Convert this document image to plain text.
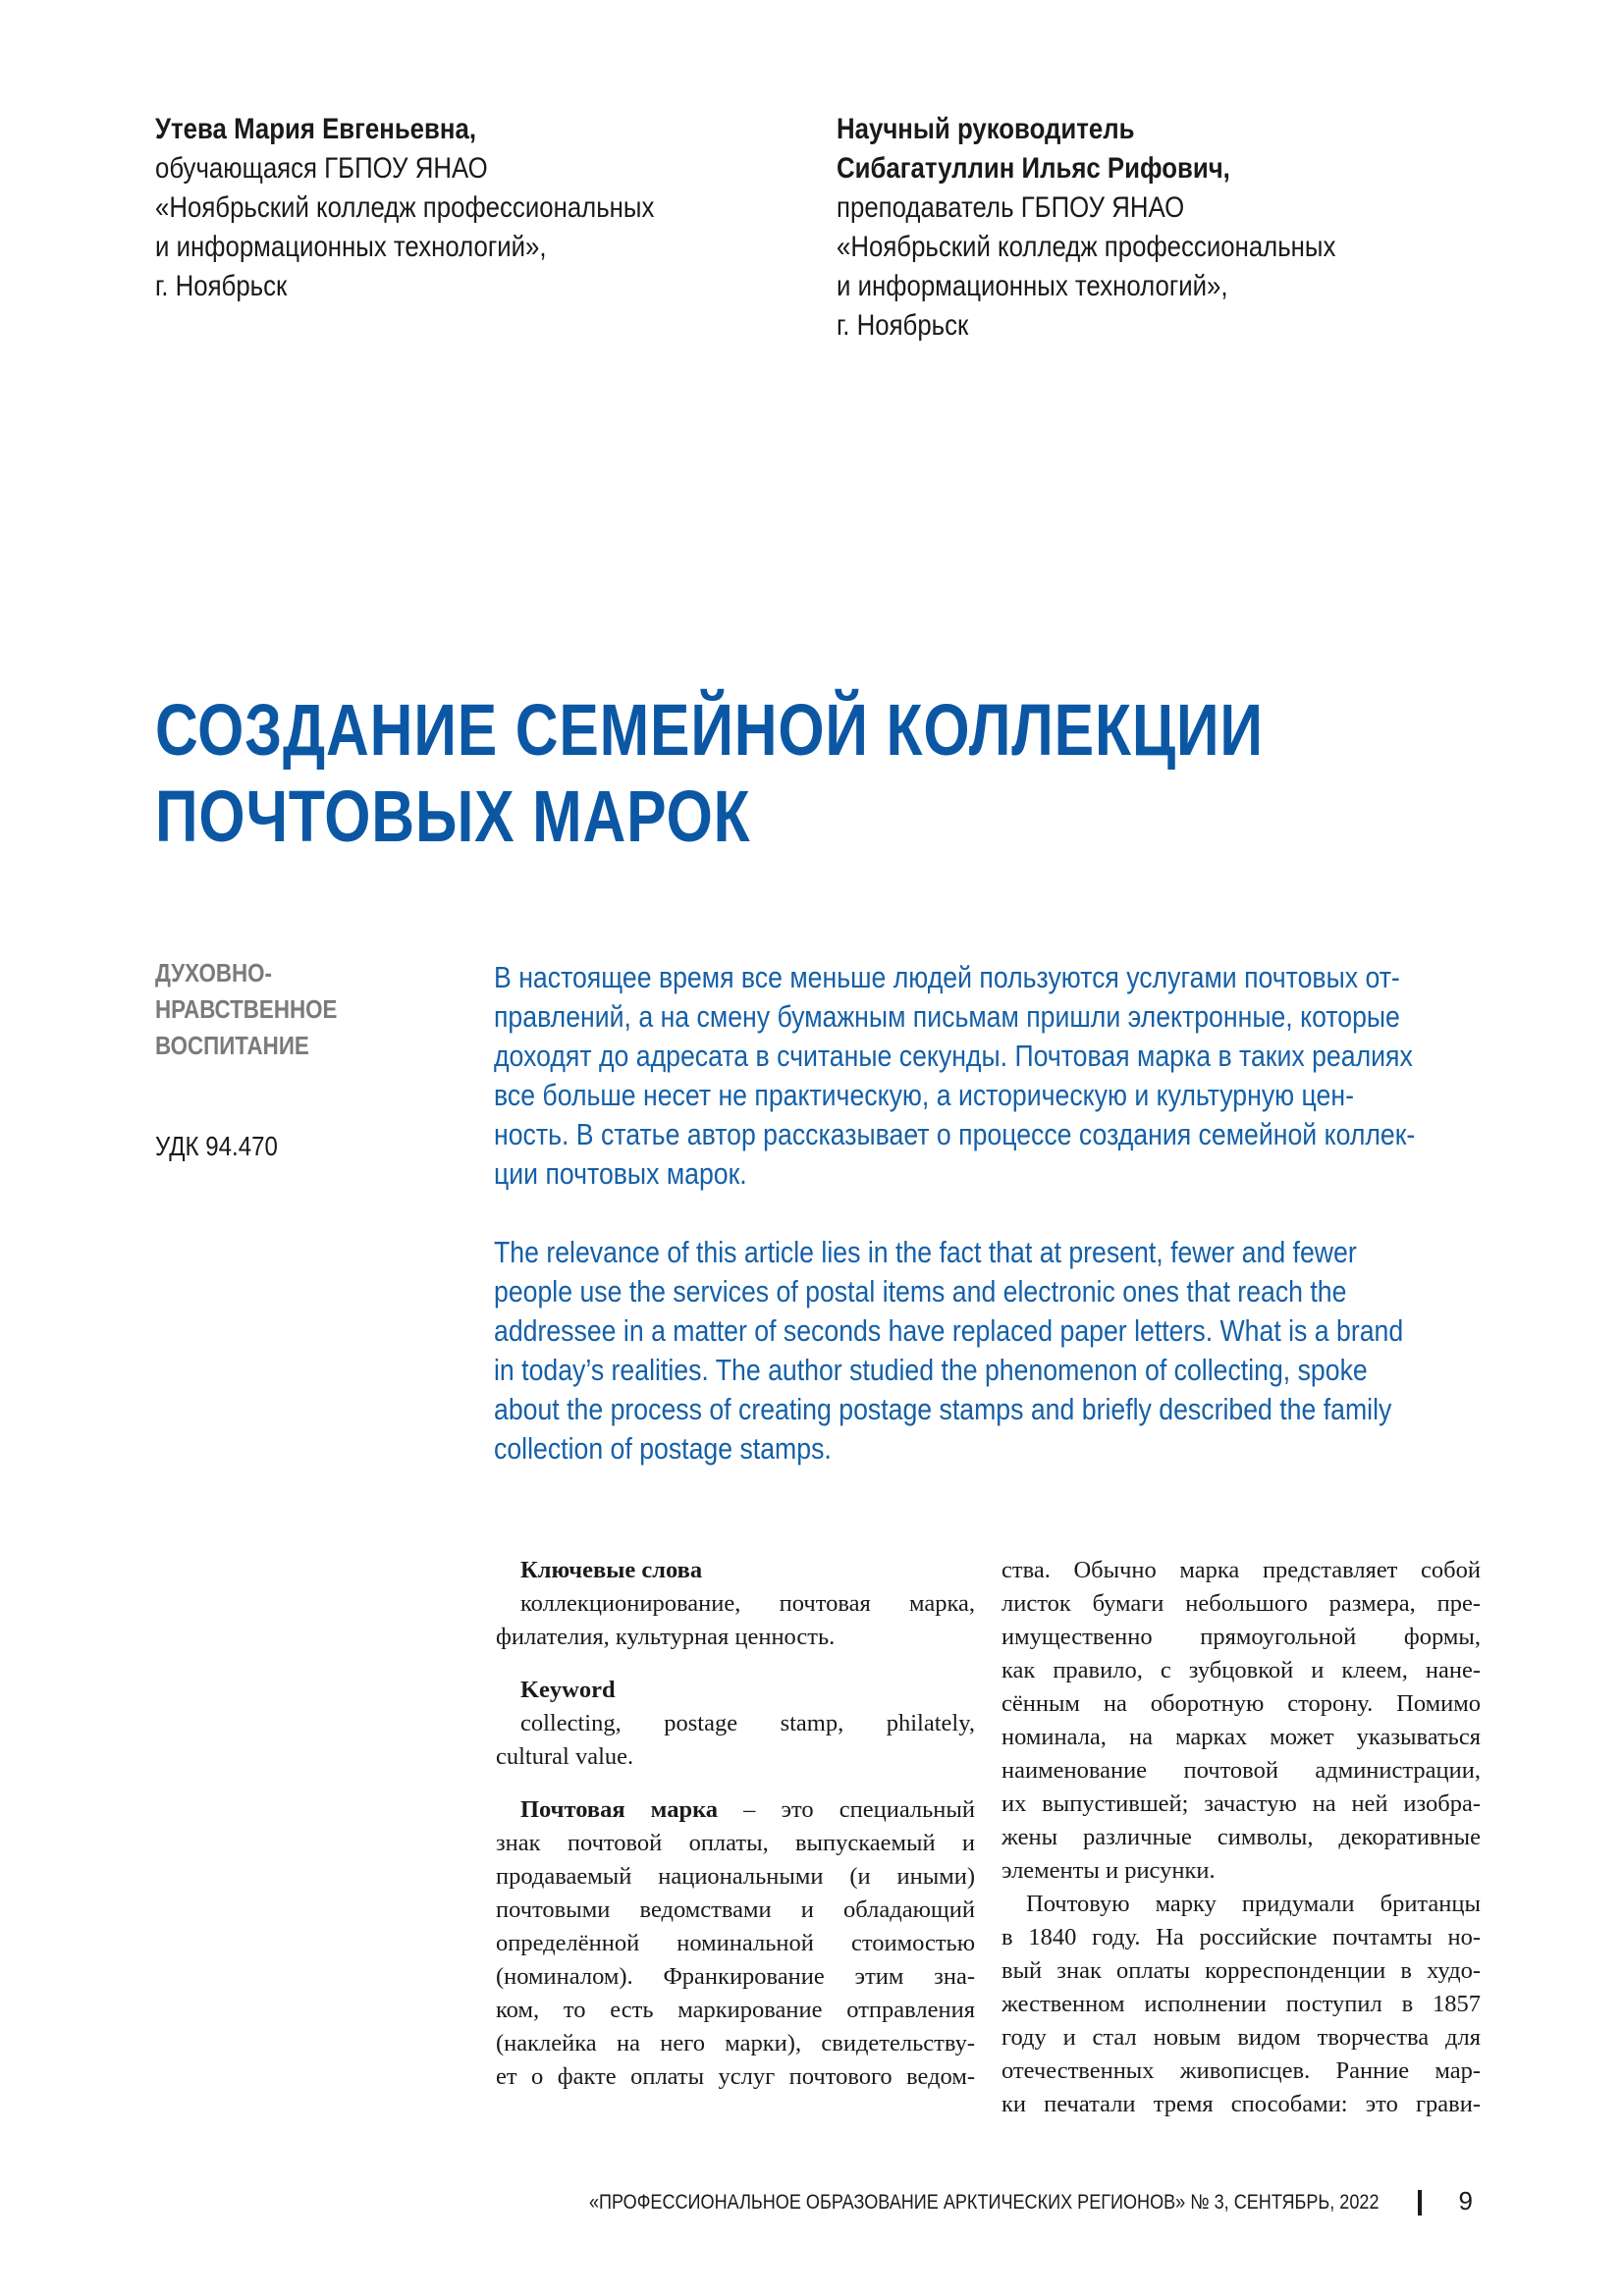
Утева Мария Евгеньевна,
обучающаяся ГБПОУ ЯНАО
«Ноябрьский колледж профессиональных
и информационных технологий»,
г. Ноябрьск
Научный руководитель
Сибагатуллин Ильяс Рифович,
преподаватель ГБПОУ ЯНАО
«Ноябрьский колледж профессиональных
и информационных технологий»,
г. Ноябрьск
СОЗДАНИЕ СЕМЕЙНОЙ КОЛЛЕКЦИИ
ПОЧТОВЫХ МАРОК
ДУХОВНО-
НРАВСТВЕННОЕ
ВОСПИТАНИЕ
УДК 94.470
В настоящее время все меньше людей пользуются услугами почтовых от-
правлений, а на смену бумажным письмам пришли электронные, которые
доходят до адресата в считаные секунды. Почтовая марка в таких реалиях
все больше несет не практическую, а историческую и культурную цен-
ность. В статье автор рассказывает о процессе создания семейной коллек-
ции почтовых марок.
The relevance of this article lies in the fact that at present, fewer and fewer
people use the services of postal items and electronic ones that reach the
addressee in a matter of seconds have replaced paper letters. What is a brand
in today’s realities. The author studied the phenomenon of collecting, spoke
about the process of creating postage stamps and briefly described the family
collection of postage stamps.
Ключевые слова
коллекционирование, почтовая марка,
филателия, культурная ценность.
Keyword
collecting, postage stamp, philately,
cultural value.
Почтовая марка – это специальный
знак почтовой оплаты, выпускаемый и
продаваемый национальными (и иными)
почтовыми ведомствами и обладающий
определённой номинальной стоимостью
(номиналом). Франкирование этим зна-
ком, то есть маркирование отправления
(наклейка на него марки), свидетельству-
ет о факте оплаты услуг почтового ведом-
ства. Обычно марка представляет собой
листок бумаги небольшого размера, пре-
имущественно прямоугольной формы,
как правило, с зубцовкой и клеем, нане-
сённым на оборотную сторону. Помимо
номинала, на марках может указываться
наименование почтовой администрации,
их выпустившей; зачастую на ней изобра-
жены различные символы, декоративные
элементы и рисунки.
Почтовую марку придумали британцы
в 1840 году. На российские почтамты но-
вый знак оплаты корреспонденции в худо-
жественном исполнении поступил в 1857
году и стал новым видом творчества для
отечественных живописцев. Ранние мар-
ки печатали тремя способами: это грави-
«ПРОФЕССИОНАЛЬНОЕ ОБРАЗОВАНИЕ АРКТИЧЕСКИХ РЕГИОНОВ» № 3, СЕНТЯБРЬ, 2022	9
